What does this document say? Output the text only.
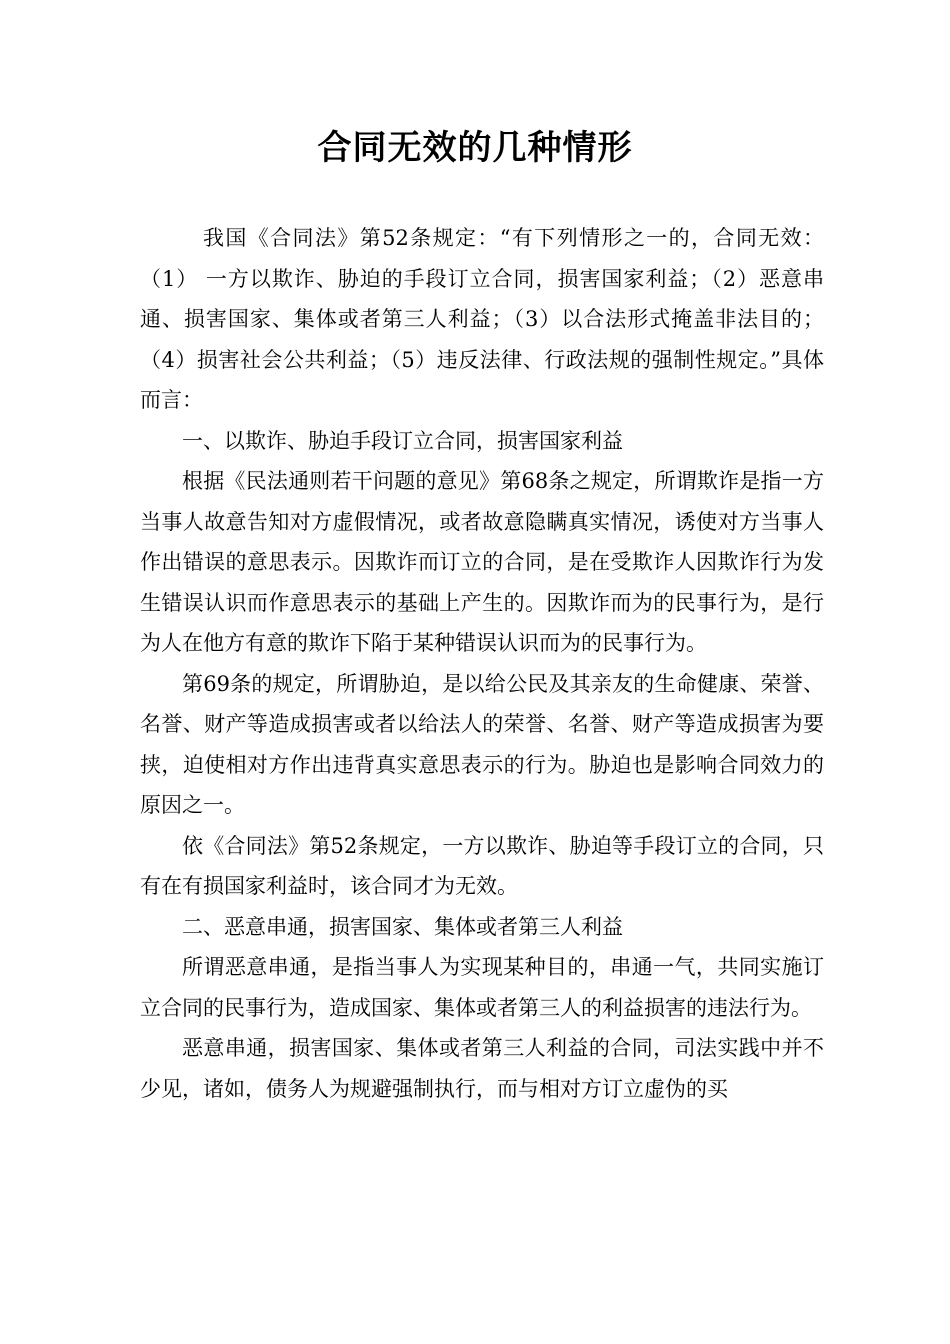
合同无效的几种情形

我国《合同法》第52条规定：“有下列情形之一的，合同无效：（1） 一方以欺诈、胁迫的手段订立合同，损害国家利益；（2）恶意串通、损害国家、集体或者第三人利益；（3）以合法形式掩盖非法目的；（4）损害社会公共利益；（5）违反法律、行政法规的强制性规定。”具体而言：

一、以欺诈、胁迫手段订立合同，损害国家利益

根据《民法通则若干问题的意见》第68条之规定，所谓欺诈是指一方当事人故意告知对方虚假情况，或者故意隐瞒真实情况，诱使对方当事人作出错误的意思表示。因欺诈而订立的合同，是在受欺诈人因欺诈行为发生错误认识而作意思表示的基础上产生的。因欺诈而为的民事行为，是行为人在他方有意的欺诈下陷于某种错误认识而为的民事行为。

第69条的规定，所谓胁迫，是以给公民及其亲友的生命健康、荣誉、名誉、财产等造成损害或者以给法人的荣誉、名誉、财产等造成损害为要挟，迫使相对方作出违背真实意思表示的行为。胁迫也是影响合同效力的原因之一。

依《合同法》第52条规定，一方以欺诈、胁迫等手段订立的合同，只有在有损国家利益时，该合同才为无效。

二、恶意串通，损害国家、集体或者第三人利益

所谓恶意串通，是指当事人为实现某种目的，串通一气，共同实施订立合同的民事行为，造成国家、集体或者第三人的利益损害的违法行为。

恶意串通，损害国家、集体或者第三人利益的合同，司法实践中并不少见，诸如，债务人为规避强制执行，而与相对方订立虚伪的买
